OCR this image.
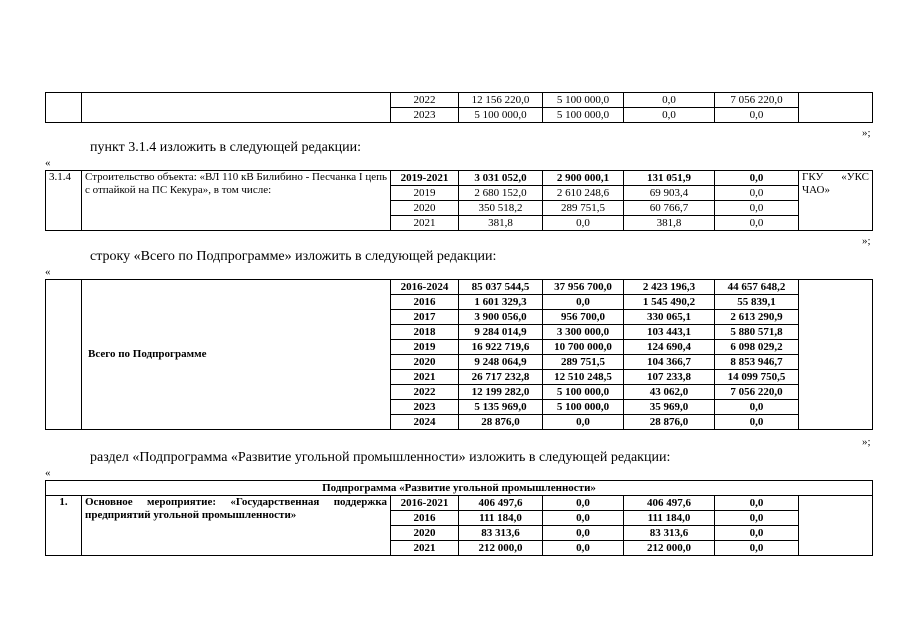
		2022	12 156 220,0	5 100 000,0	0,0	7 056 220,0	
		2023	5 100 000,0	5 100 000,0	0,0	0,0	
»;
пункт 3.1.4 изложить в следующей редакции:
«
3.1.4	Строительство объекта: «ВЛ 110 кВ Билибино - Песчанка I цепь с отпайкой на ПС Кекура», в том числе:	2019-2021	3 031 052,0	2 900 000,1	131 051,9	0,0	ГКУ «УКС ЧАО»
		2019	2 680 152,0	2 610 248,6	69 903,4	0,0	
		2020	350 518,2	289 751,5	60 766,7	0,0	
		2021	381,8	0,0	381,8	0,0	
»;
строку «Всего по Подпрограмме» изложить в следующей редакции:
«
	Всего по Подпрограмме	2016-2024	85 037 544,5	37 956 700,0	2 423 196,3	44 657 648,2	
		2016	1 601 329,3	0,0	1 545 490,2	55 839,1	
		2017	3 900 056,0	956 700,0	330 065,1	2 613 290,9	
		2018	9 284 014,9	3 300 000,0	103 443,1	5 880 571,8	
		2019	16 922 719,6	10 700 000,0	124 690,4	6 098 029,2	
		2020	9 248 064,9	289 751,5	104 366,7	8 853 946,7	
		2021	26 717 232,8	12 510 248,5	107 233,8	14 099 750,5	
		2022	12 199 282,0	5 100 000,0	43 062,0	7 056 220,0	
		2023	5 135 969,0	5 100 000,0	35 969,0	0,0	
		2024	28 876,0	0,0	28 876,0	0,0	
»;
раздел «Подпрограмма «Развитие угольной промышленности» изложить в следующей редакции:
«
Подпрограмма «Развитие угольной промышленности»							
1.	Основное мероприятие: «Государственная поддержка предприятий угольной промышленности»	2016-2021	406 497,6	0,0	406 497,6	0,0	
		2016	111 184,0	0,0	111 184,0	0,0	
		2020	83 313,6	0,0	83 313,6	0,0	
		2021	212 000,0	0,0	212 000,0	0,0	
